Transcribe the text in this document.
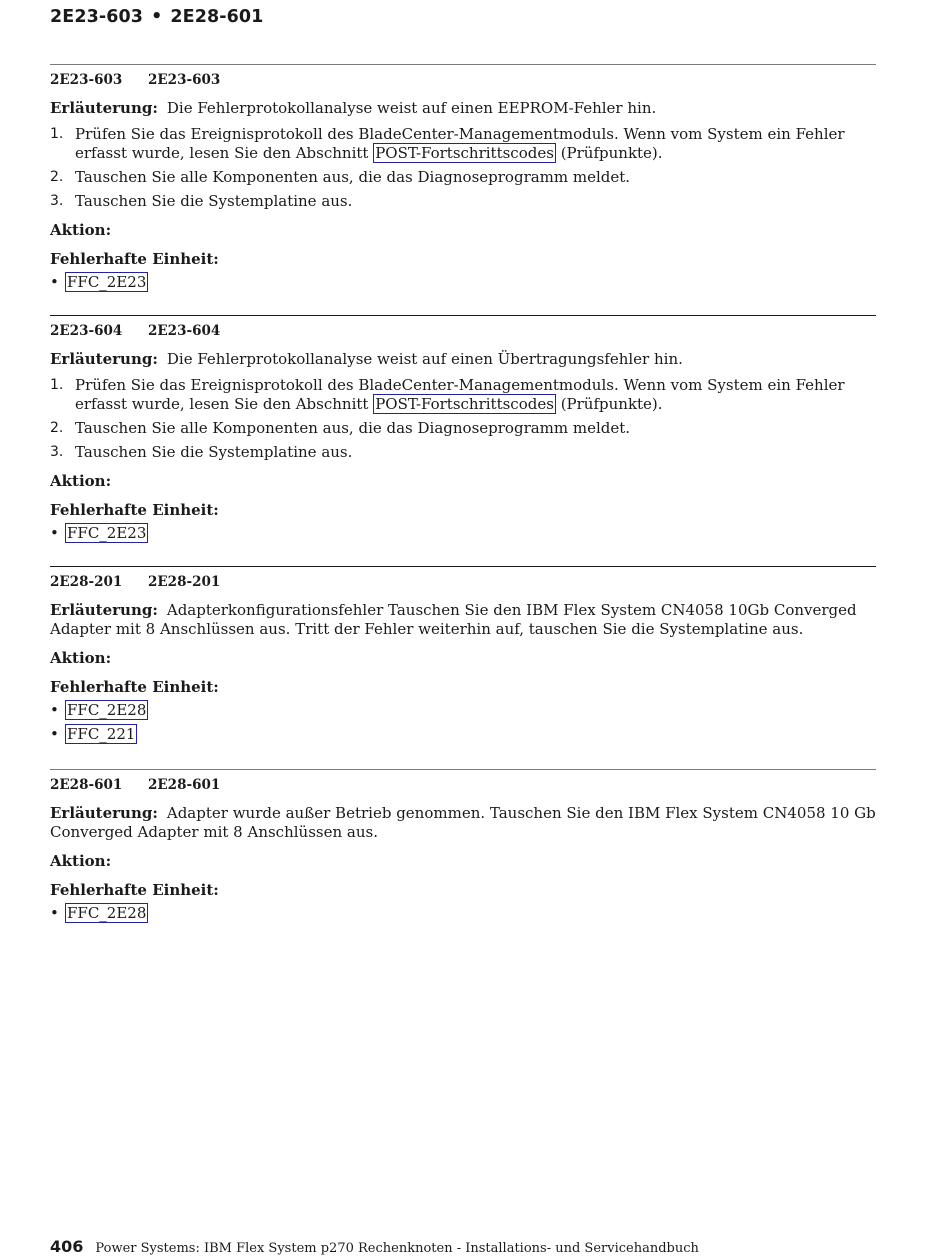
2E23-603 • 2E28-601
2E23-603 2E23-603
Erläuterung: Die Fehlerprotokollanalyse weist auf einen EEPROM-Fehler hin.
1. Prüfen Sie das Ereignisprotokoll des BladeCenter-Managementmoduls. Wenn vom System ein Fehler erfasst wurde, lesen Sie den Abschnitt POST-Fortschrittscodes (Prüfpunkte).
2. Tauschen Sie alle Komponenten aus, die das Diagnoseprogramm meldet.
3. Tauschen Sie die Systemplatine aus.
Aktion:
Fehlerhafte Einheit:
• FFC_2E23
2E23-604 2E23-604
Erläuterung: Die Fehlerprotokollanalyse weist auf einen Übertragungsfehler hin.
1. Prüfen Sie das Ereignisprotokoll des BladeCenter-Managementmoduls. Wenn vom System ein Fehler erfasst wurde, lesen Sie den Abschnitt POST-Fortschrittscodes (Prüfpunkte).
2. Tauschen Sie alle Komponenten aus, die das Diagnoseprogramm meldet.
3. Tauschen Sie die Systemplatine aus.
Aktion:
Fehlerhafte Einheit:
• FFC_2E23
2E28-201 2E28-201
Erläuterung: Adapterkonfigurationsfehler Tauschen Sie den IBM Flex System CN4058 10Gb Converged Adapter mit 8 Anschlüssen aus. Tritt der Fehler weiterhin auf, tauschen Sie die Systemplatine aus.
Aktion:
Fehlerhafte Einheit:
• FFC_2E28
• FFC_221
2E28-601 2E28-601
Erläuterung: Adapter wurde außer Betrieb genommen. Tauschen Sie den IBM Flex System CN4058 10 Gb Converged Adapter mit 8 Anschlüssen aus.
Aktion:
Fehlerhafte Einheit:
• FFC_2E28
406 Power Systems: IBM Flex System p270 Rechenknoten - Installations- und Servicehandbuch
